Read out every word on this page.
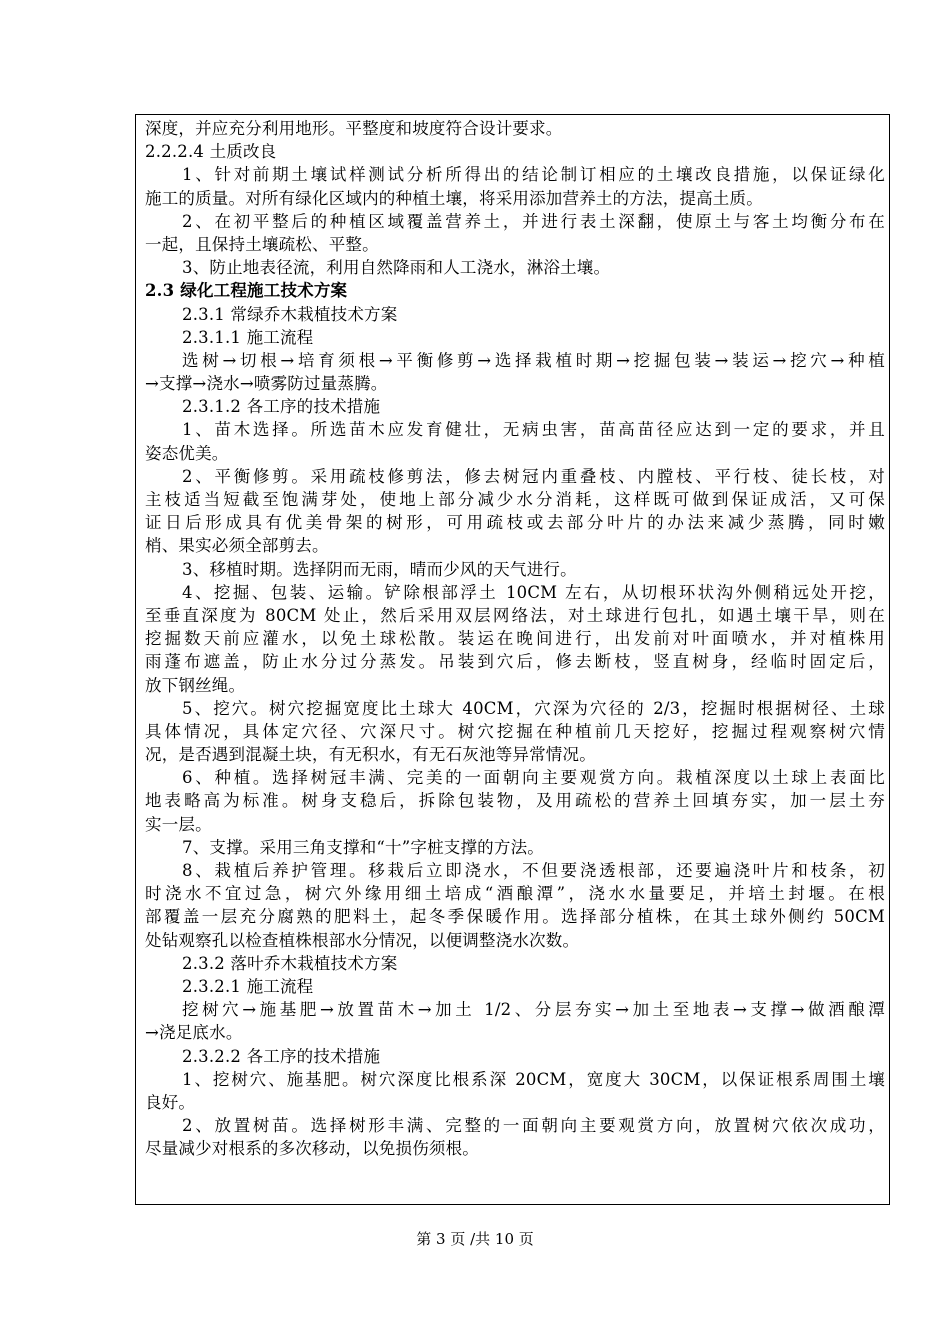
深度，并应充分利用地形。平整度和坡度符合设计要求。
2.2.2.4 土质改良
1、针对前期土壤试样测试分析所得出的结论制订相应的土壤改良措施，以保证绿化
施工的质量。对所有绿化区域内的种植土壤，将采用添加营养土的方法，提高土质。
2、在初平整后的种植区域覆盖营养土，并进行表土深翻，使原土与客土均衡分布在
一起，且保持土壤疏松、平整。
3、防止地表径流，利用自然降雨和人工浇水，淋浴土壤。
2.3 绿化工程施工技术方案
2.3.1 常绿乔木栽植技术方案
2.3.1.1 施工流程
选树→切根→培育须根→平衡修剪→选择栽植时期→挖掘包装→装运→挖穴→种植
→支撑→浇水→喷雾防过量蒸腾。
2.3.1.2 各工序的技术措施
1、苗木选择。所选苗木应发育健壮，无病虫害，苗高苗径应达到一定的要求，并且
姿态优美。
2、平衡修剪。采用疏枝修剪法，修去树冠内重叠枝、内膛枝、平行枝、徒长枝，对
主枝适当短截至饱满芽处，使地上部分减少水分消耗，这样既可做到保证成活，又可保
证日后形成具有优美骨架的树形，可用疏枝或去部分叶片的办法来减少蒸腾，同时嫩
梢、果实必须全部剪去。
3、移植时期。选择阴而无雨，晴而少风的天气进行。
4、挖掘、包装、运输。铲除根部浮土 10CM 左右，从切根环状沟外侧稍远处开挖，
至垂直深度为 80CM 处止，然后采用双层网络法，对土球进行包扎，如遇土壤干旱，则在
挖掘数天前应灌水，以免土球松散。装运在晚间进行，出发前对叶面喷水，并对植株用
雨蓬布遮盖，防止水分过分蒸发。吊装到穴后，修去断枝，竖直树身，经临时固定后，
放下钢丝绳。
5、挖穴。树穴挖掘宽度比土球大 40CM，穴深为穴径的 2/3，挖掘时根据树径、土球
具体情况，具体定穴径、穴深尺寸。树穴挖掘在种植前几天挖好，挖掘过程观察树穴情
况，是否遇到混凝土块，有无积水，有无石灰池等异常情况。
6、种植。选择树冠丰满、完美的一面朝向主要观赏方向。栽植深度以土球上表面比
地表略高为标准。树身支稳后，拆除包装物，及用疏松的营养土回填夯实，加一层土夯
实一层。
7、支撑。采用三角支撑和“十”字桩支撑的方法。
8、栽植后养护管理。移栽后立即浇水，不但要浇透根部，还要遍浇叶片和枝条，初
时浇水不宜过急，树穴外缘用细土培成“酒酿潭”，浇水水量要足，并培土封堰。在根
部覆盖一层充分腐熟的肥料土，起冬季保暖作用。选择部分植株，在其土球外侧约 50CM
处钻观察孔以检查植株根部水分情况，以便调整浇水次数。
2.3.2 落叶乔木栽植技术方案
2.3.2.1 施工流程
挖树穴→施基肥→放置苗木→加土 1/2、分层夯实→加土至地表→支撑→做酒酿潭
→浇足底水。
2.3.2.2 各工序的技术措施
1、挖树穴、施基肥。树穴深度比根系深 20CM，宽度大 30CM，以保证根系周围土壤
良好。
2、放置树苗。选择树形丰满、完整的一面朝向主要观赏方向，放置树穴依次成功，
尽量减少对根系的多次移动，以免损伤须根。
第 3 页 /共 10 页
